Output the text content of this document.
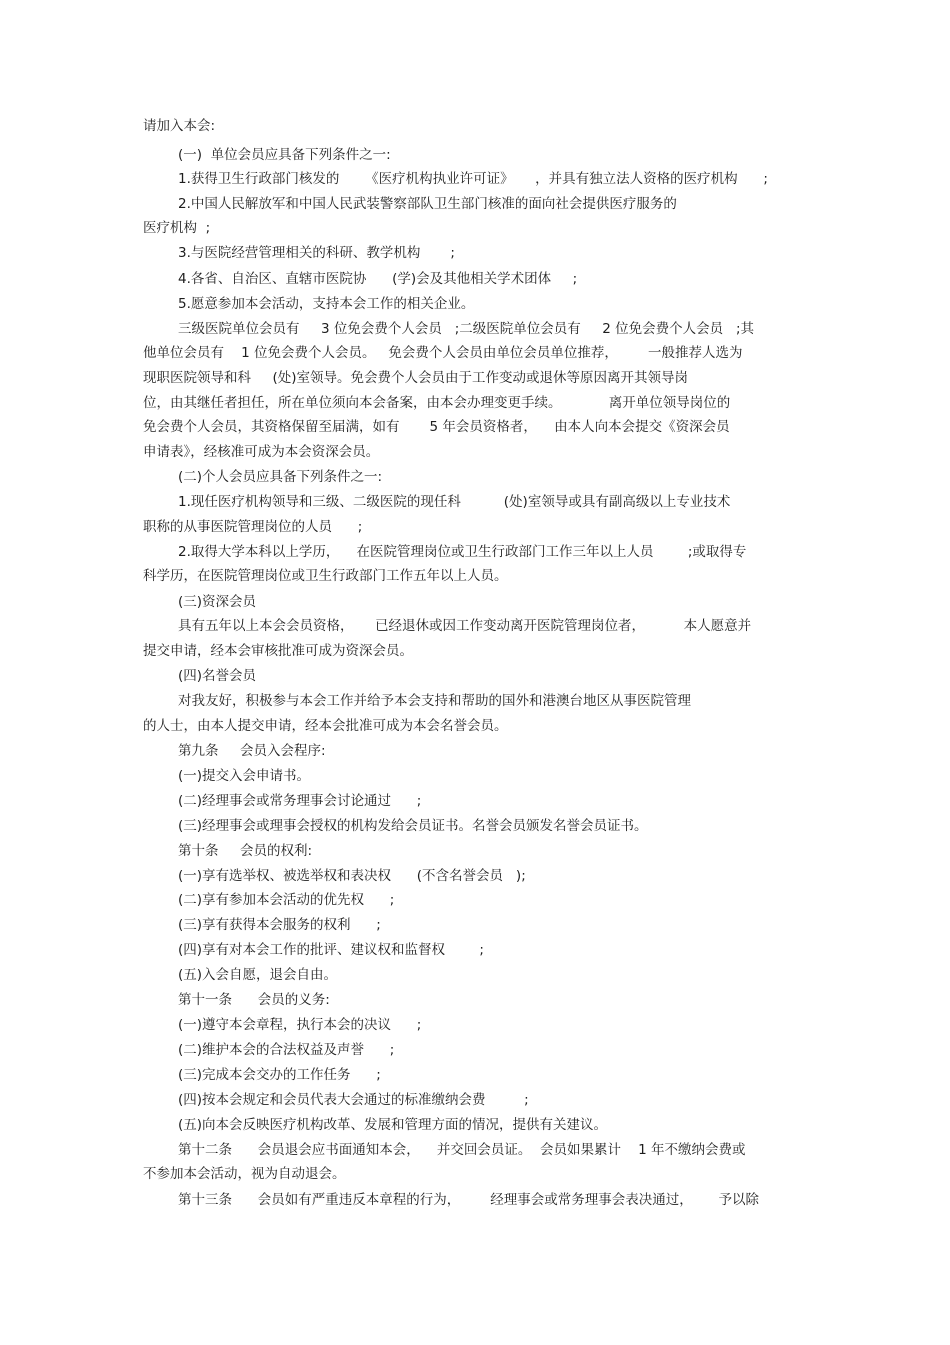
请加入本会:
(一)  单位会员应具备下列条件之一:
1.获得卫生行政部门核发的      《医疗机构执业许可证》     ，并具有独立法人资格的医疗机构      ;
2.中国人民解放军和中国人民武装警察部队卫生部门核准的面向社会提供医疗服务的
医疗机构  ;
3.与医院经营管理相关的科研、教学机构       ;
4.各省、自治区、直辖市医院协      (学)会及其他相关学术团体     ;
5.愿意参加本会活动，支持本会工作的相关企业。
三级医院单位会员有     3 位免会费个人会员   ;二级医院单位会员有     2 位免会费个人会员   ;其
他单位会员有    1 位免会费个人会员。   免会费个人会员由单位会员单位推荐，       一般推荐人选为
现职医院领导和科     (处)室领导。免会费个人会员由于工作变动或退休等原因离开其领导岗
位，由其继任者担任，所在单位须向本会备案，由本会办理变更手续。           离开单位领导岗位的
免会费个人会员，其资格保留至届满，如有       5 年会员资格者，    由本人向本会提交《资深会员
申请表》，经核准可成为本会资深会员。
(二)个人会员应具备下列条件之一:
1.现任医疗机构领导和三级、二级医院的现任科          (处)室领导或具有副高级以上专业技术
职称的从事医院管理岗位的人员      ;
2.取得大学本科以上学历，    在医院管理岗位或卫生行政部门工作三年以上人员        ;或取得专
科学历，在医院管理岗位或卫生行政部门工作五年以上人员。
(三)资深会员
具有五年以上本会会员资格，     已经退休或因工作变动离开医院管理岗位者，         本人愿意并
提交申请，经本会审核批准可成为资深会员。
(四)名誉会员
对我友好，积极参与本会工作并给予本会支持和帮助的国外和港澳台地区从事医院管理
的人士，由本人提交申请，经本会批准可成为本会名誉会员。
第九条     会员入会程序:
(一)提交入会申请书。
(二)经理事会或常务理事会讨论通过      ;
(三)经理事会或理事会授权的机构发给会员证书。名誉会员颁发名誉会员证书。
第十条     会员的权利:
(一)享有选举权、被选举权和表决权      (不含名誉会员   );
(二)享有参加本会活动的优先权      ;
(三)享有获得本会服务的权利      ;
(四)享有对本会工作的批评、建议权和监督权        ;
(五)入会自愿，退会自由。
第十一条      会员的义务:
(一)遵守本会章程，执行本会的决议      ;
(二)维护本会的合法权益及声誉      ;
(三)完成本会交办的工作任务      ;
(四)按本会规定和会员代表大会通过的标准缴纳会费         ;
(五)向本会反映医疗机构改革、发展和管理方面的情况，提供有关建议。
第十二条      会员退会应书面通知本会，    并交回会员证。  会员如果累计    1 年不缴纳会费或
不参加本会活动，视为自动退会。
第十三条      会员如有严重违反本章程的行为，       经理事会或常务理事会表决通过，      予以除
